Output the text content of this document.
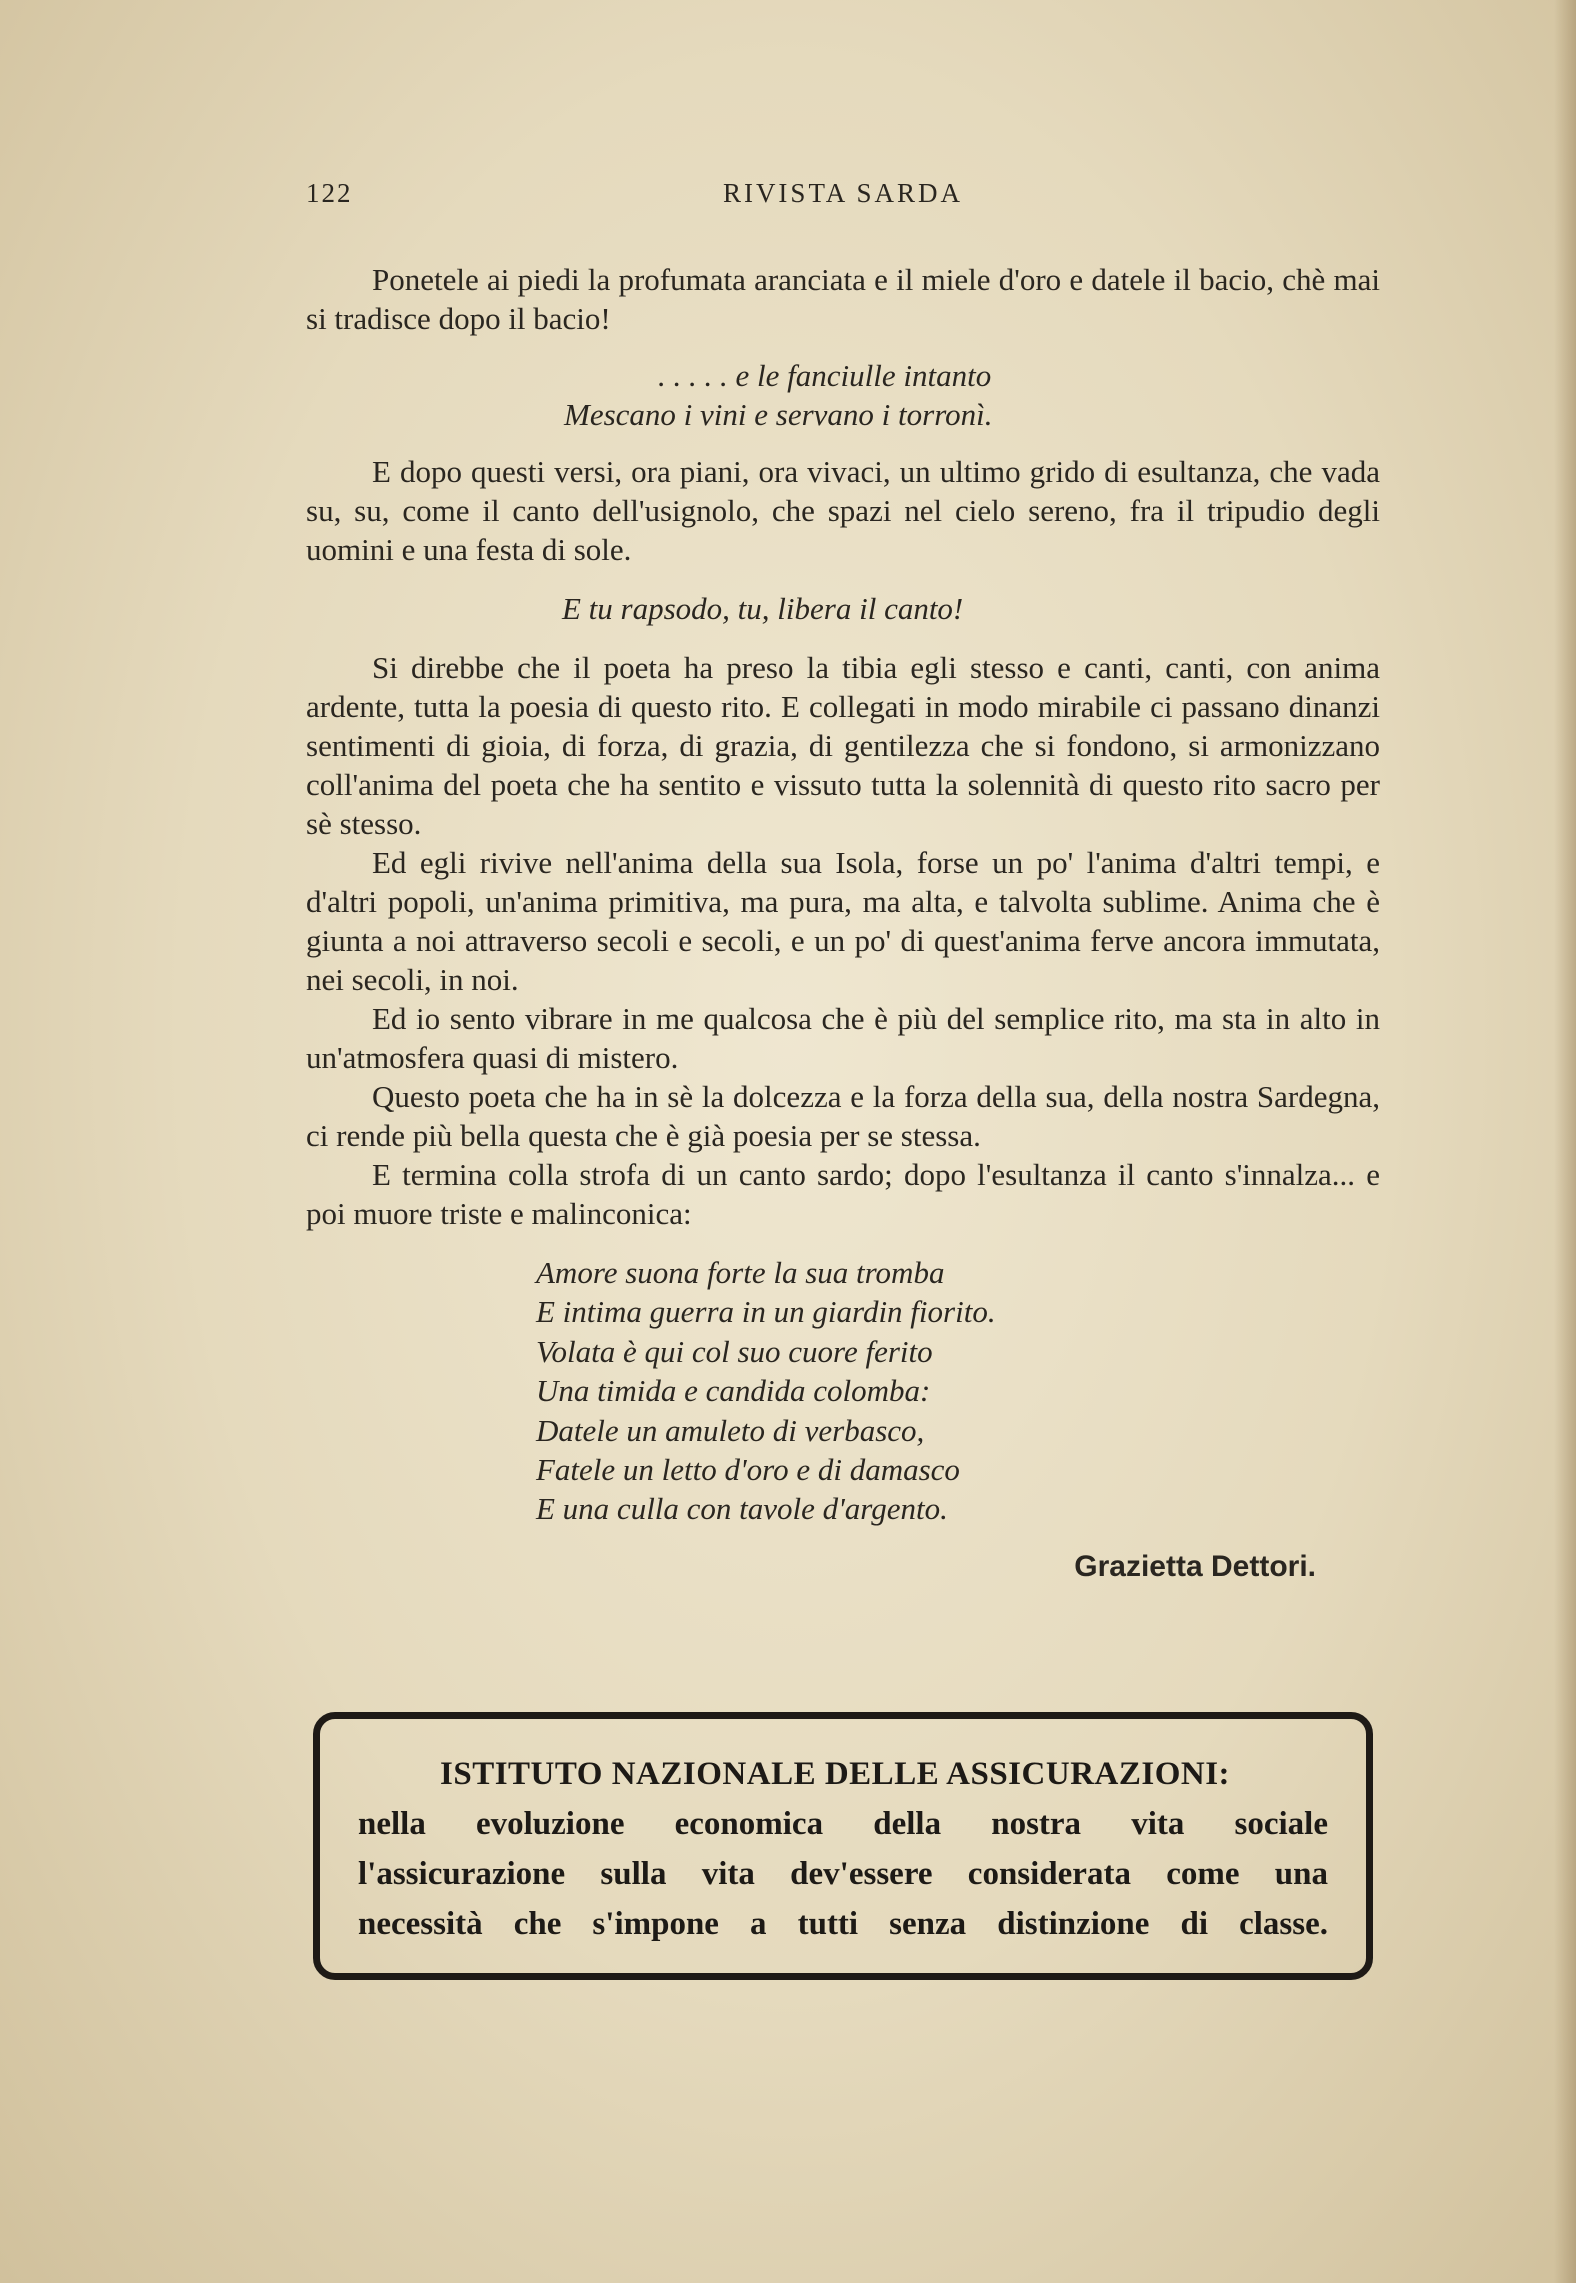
122	RIVISTA SARDA

Ponetele ai piedi la profumata aranciata e il miele d'oro e datele il bacio, chè mai si tradisce dopo il bacio!

. . . . . e le fanciulle intanto

Mescano i vini e servano i torronì.

E dopo questi versi, ora piani, ora vivaci, un ultimo grido di esultanza, che vada su, su, come il canto dell'usignolo, che spazi nel cielo sereno, fra il tripudio degli uomini e una festa di sole.

E tu rapsodo, tu, libera il canto!

Si direbbe che il poeta ha preso la tibia egli stesso e canti, canti, con anima ardente, tutta la poesia di questo rito. E collegati in modo mirabile ci passano dinanzi sentimenti di gioia, di forza, di grazia, di gentilezza che si fondono, si armonizzano coll'anima del poeta che ha sentito e vissuto tutta la solennità di questo rito sacro per sè stesso.

Ed egli rivive nell'anima della sua Isola, forse un po' l'anima d'altri tempi, e d'altri popoli, un'anima primitiva, ma pura, ma alta, e talvolta sublime. Anima che è giunta a noi attraverso secoli e secoli, e un po' di quest'anima ferve ancora immutata, nei secoli, in noi.

Ed io sento vibrare in me qualcosa che è più del semplice rito, ma sta in alto in un'atmosfera quasi di mistero.

Questo poeta che ha in sè la dolcezza e la forza della sua, della nostra Sardegna, ci rende più bella questa che è già poesia per se stessa.

E termina colla strofa di un canto sardo; dopo l'esultanza il canto s'innalza... e poi muore triste e malinconica:

Amore suona forte la sua tromba
E intima guerra in un giardin fiorito.
Volata è qui col suo cuore ferito
Una timida e candida colomba:
Datele un amuleto di verbasco,
Fatele un letto d'oro e di damasco
E una culla con tavole d'argento.
Grazietta Dettori.
ISTITUTO NAZIONALE DELLE ASSICURAZIONI:
nella evoluzione economica della nostra vita sociale
l'assicurazione sulla vita dev'essere considerata come una
necessità che s'impone a tutti senza distinzione di classe.
